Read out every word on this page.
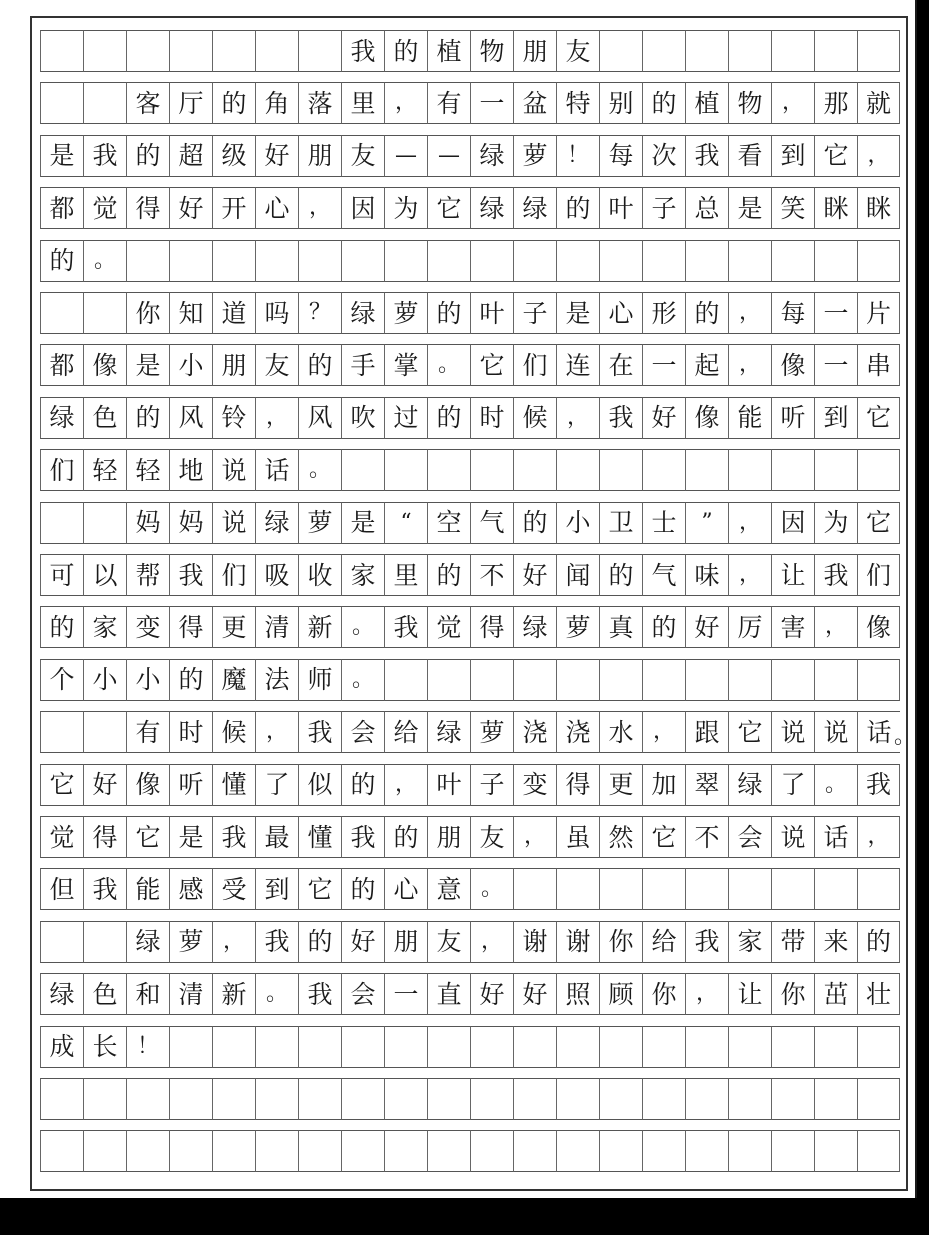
我 的 植 物 朋 友
客 厅 的 角 落 里 ， 有 一 盆 特 别 的 植 物 ， 那 就
是 我 的 超 级 好 朋 友 — — 绿 萝 ！ 每 次 我 看 到 它 ，
都 觉 得 好 开 心 ， 因 为 它 绿 绿 的 叶 子 总 是 笑 眯 眯
的 。
你 知 道 吗 ？ 绿 萝 的 叶 子 是 心 形 的 ， 每 一 片
都 像 是 小 朋 友 的 手 掌 。 它 们 连 在 一 起 ， 像 一 串
绿 色 的 风 铃 ， 风 吹 过 的 时 候 ， 我 好 像 能 听 到 它
们 轻 轻 地 说 话 。
妈 妈 说 绿 萝 是	“ 空 气 的 小 卫 士	”	， 因 为 它
可 以 帮 我 们 吸 收 家 里 的 不 好 闻 的 气 味 ， 让 我 们
的 家 变 得 更 清 新 。 我 觉 得 绿 萝 真 的 好 厉 害 ， 像
个 小 小 的 魔 法 师 。
有 时 候 ， 我 会 给 绿 萝 浇 浇 水 ， 跟 它 说 说 话 。
它 好 像 听 懂 了 似 的 ， 叶 子 变 得 更 加 翠 绿 了 。 我
觉 得 它 是 我 最 懂 我 的 朋 友 ， 虽 然 它 不 会 说 话 ，
但 我 能 感 受 到 它 的 心 意 。
绿 萝 ， 我 的 好 朋 友 ， 谢 谢 你 给 我 家 带 来 的
绿 色 和 清 新 。 我 会 一 直 好 好 照 顾 你 ， 让 你 茁 壮
成 长 ！
